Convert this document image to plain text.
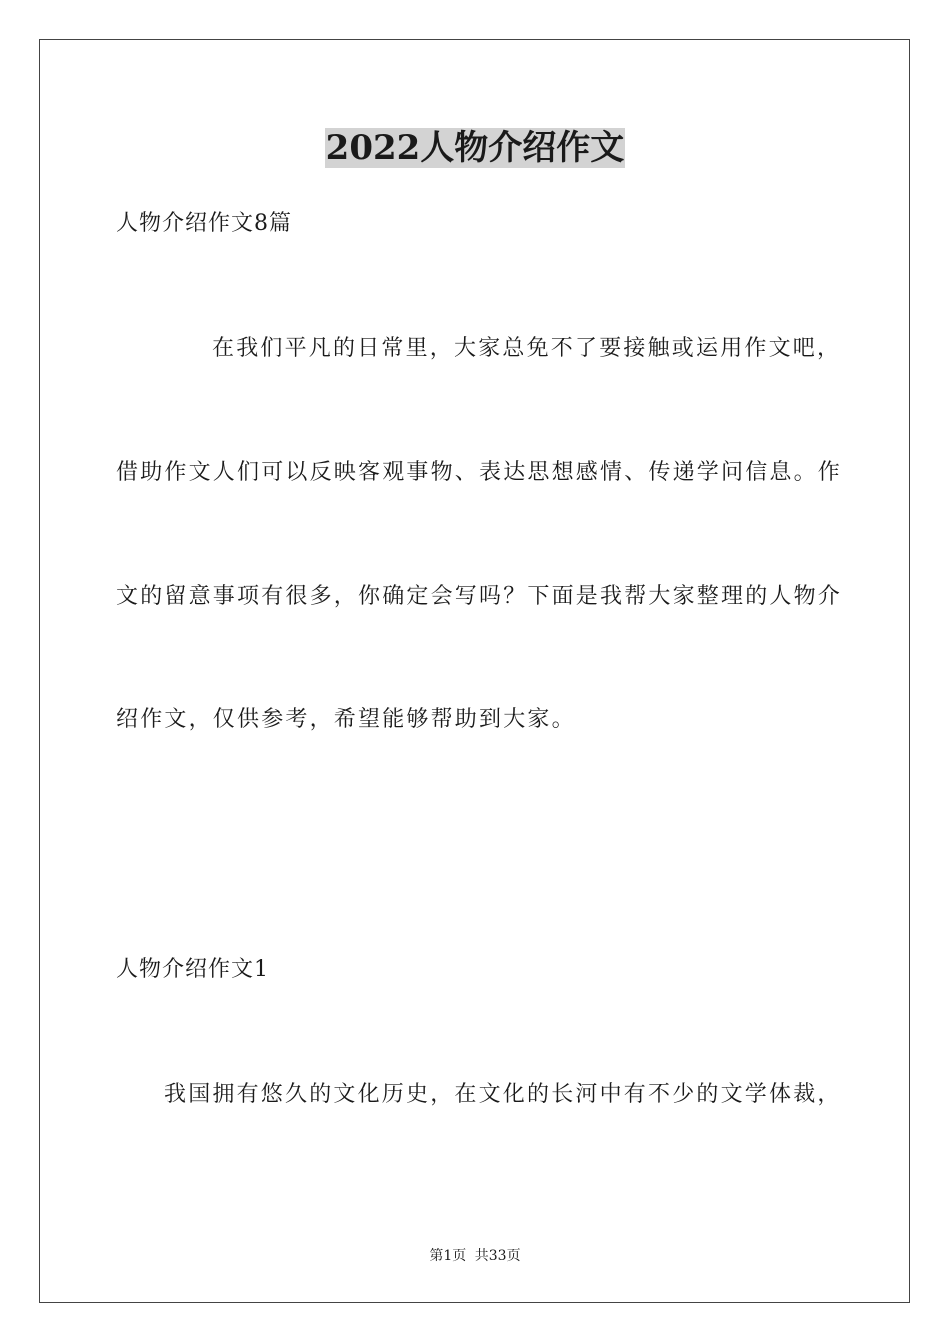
2022人物介绍作文
人物介绍作文8篇
在我们平凡的日常里，大家总免不了要接触或运用作文吧，
借助作文人们可以反映客观事物、表达思想感情、传递学问信息。作
文的留意事项有很多，你确定会写吗？下面是我帮大家整理的人物介
绍作文，仅供参考，希望能够帮助到大家。
人物介绍作文1
我国拥有悠久的文化历史，在文化的长河中有不少的文学体裁，
第1页 共33页
